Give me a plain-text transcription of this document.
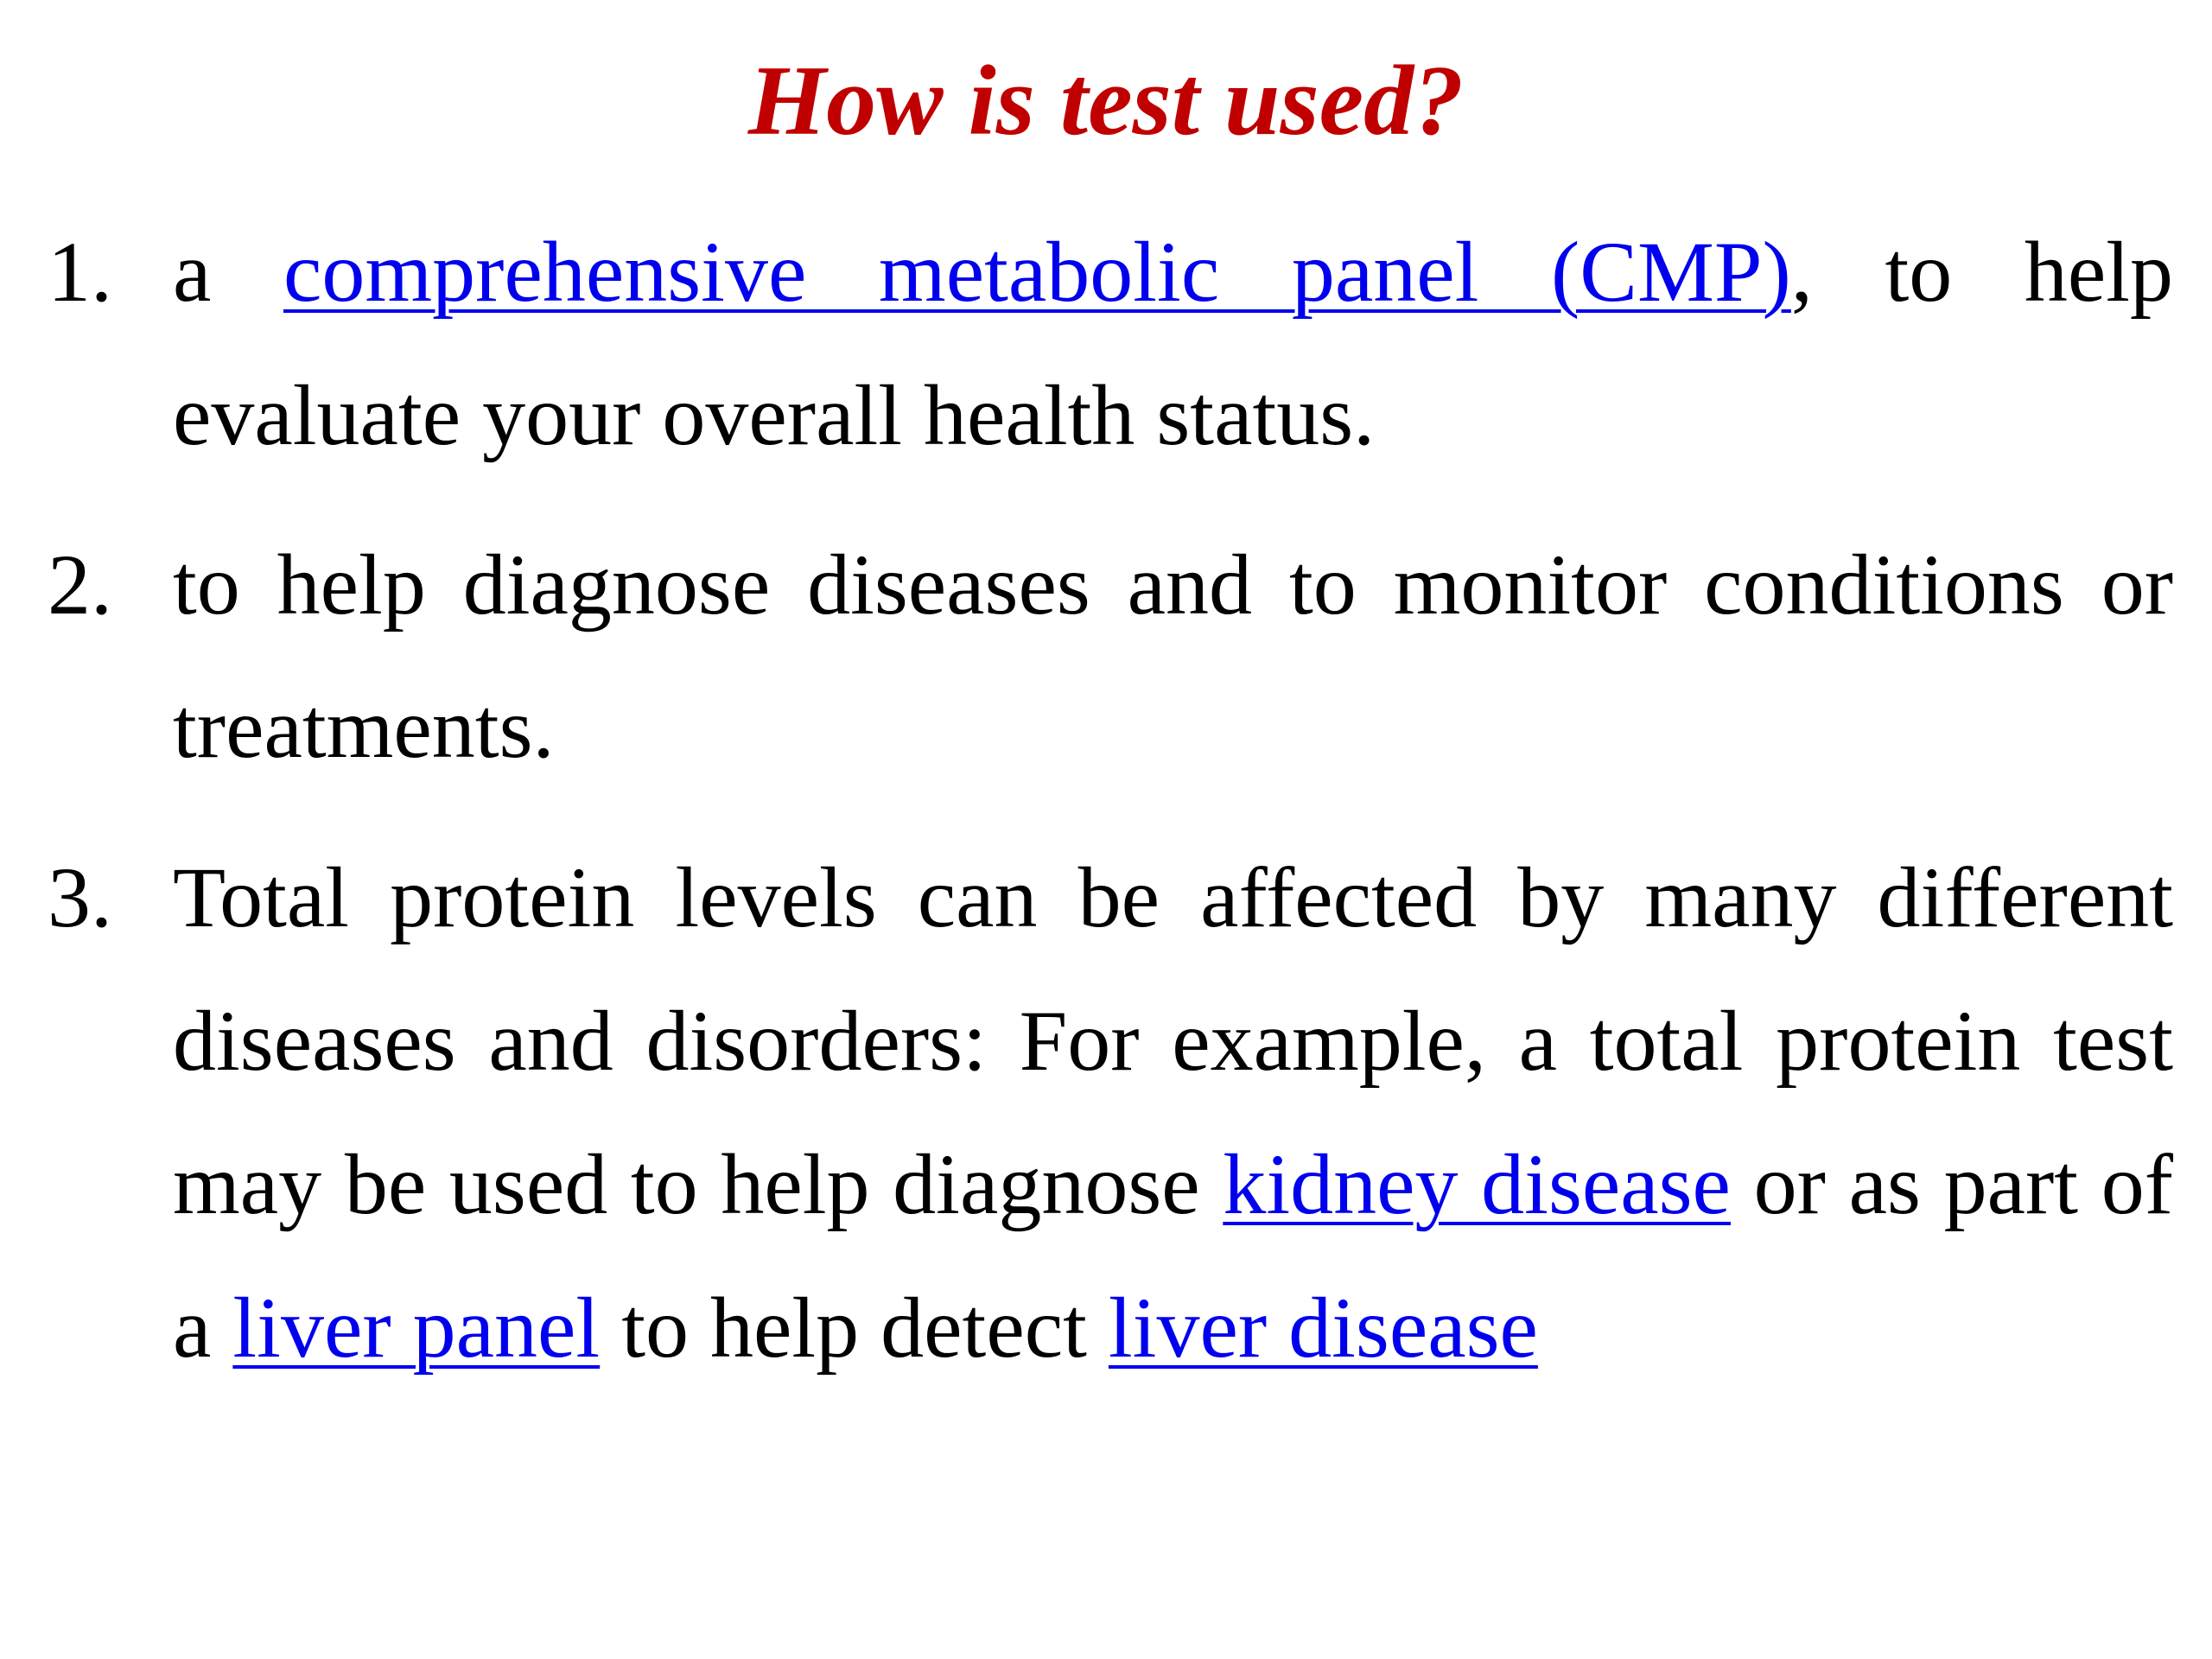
How is test used?
1. a comprehensive metabolic panel (CMP), to help evaluate your overall health status.
2. to help diagnose diseases and to monitor conditions or treatments.
3. Total protein levels can be affected by many different diseases and disorders: For example, a total protein test may be used to help diagnose kidney disease or as part of a liver panel to help detect liver disease
